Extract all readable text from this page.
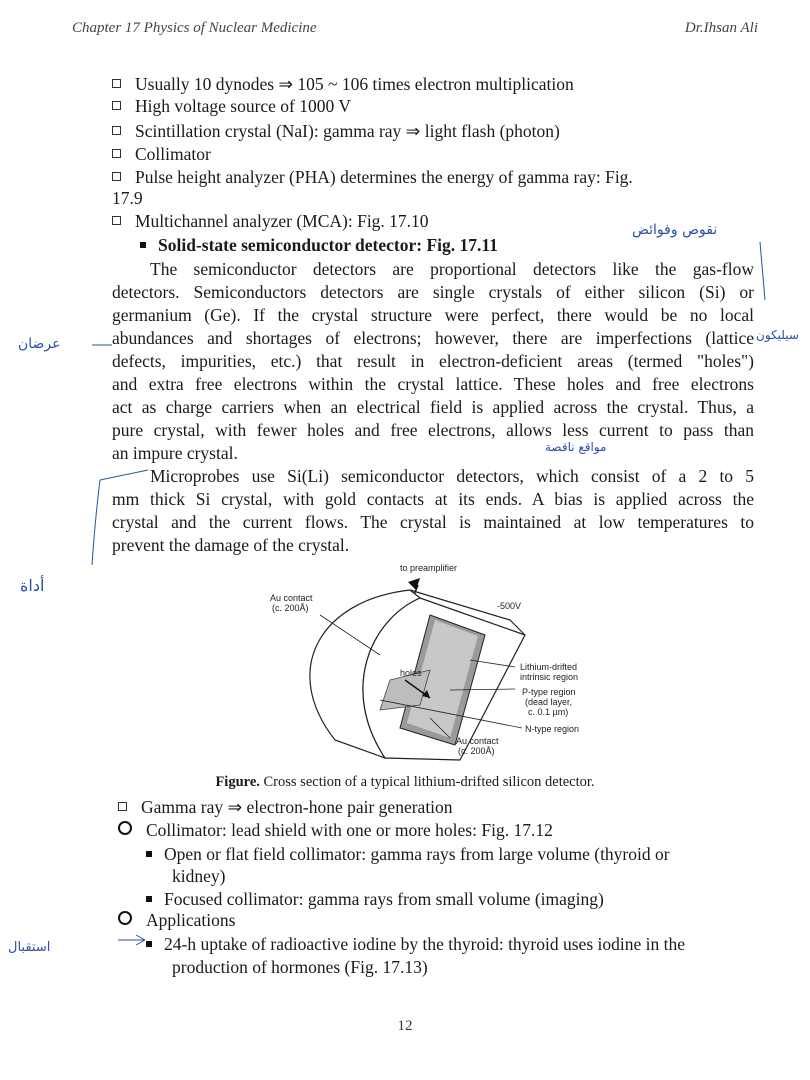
Chapter 17 Physics of Nuclear Medicine	Dr.Ihsan Ali
Usually 10 dynodes ⇒ 105 ~ 106 times electron multiplication
High voltage source of 1000 V
Scintillation crystal (NaI): gamma ray ⇒ light flash (photon)
Collimator
Pulse height analyzer (PHA) determines the energy of gamma ray: Fig.
17.9
Multichannel analyzer (MCA): Fig. 17.10
Solid-state semiconductor detector: Fig. 17.11
The semiconductor detectors are proportional detectors like the gas-flow
detectors. Semiconductors detectors are single crystals of either silicon (Si) or
germanium (Ge). If the crystal structure were perfect, there would be no local
abundances and shortages of electrons; however, there are imperfections (lattice
defects, impurities, etc.) that result in electron-deficient areas (termed "holes")
and extra free electrons within the crystal lattice. These holes and free electrons
act as charge carriers when an electrical field is applied across the crystal. Thus, a
pure crystal, with fewer holes and free electrons, allows less current to pass than
an impure crystal.
Microprobes use Si(Li) semiconductor detectors, which consist of a 2 to 5
mm thick Si crystal, with gold contacts at its ends. A bias is applied across the
crystal and the current flows. The crystal is maintained at low temperatures to
prevent the damage of the crystal.
نقوص وفوائض
عرضان
سيليكون
مواقع ناقصة
أداة
استقبال
to preamplifier
Au contact
(c. 200Å)	-500V
holes
Lithium-drifted
intrinsic region
P-type region
(dead layer,
c. 0.1 µm)
N-type region
Au contact
(c. 200Å)
Figure. Cross section of a typical lithium-drifted silicon detector.
Gamma ray ⇒ electron-hone pair generation
Collimator: lead shield with one or more holes: Fig. 17.12
Open or flat field collimator: gamma rays from large volume (thyroid or
kidney)
Focused collimator: gamma rays from small volume (imaging)
Applications
24-h uptake of radioactive iodine by the thyroid: thyroid uses iodine in the
production of hormones (Fig. 17.13)
12
